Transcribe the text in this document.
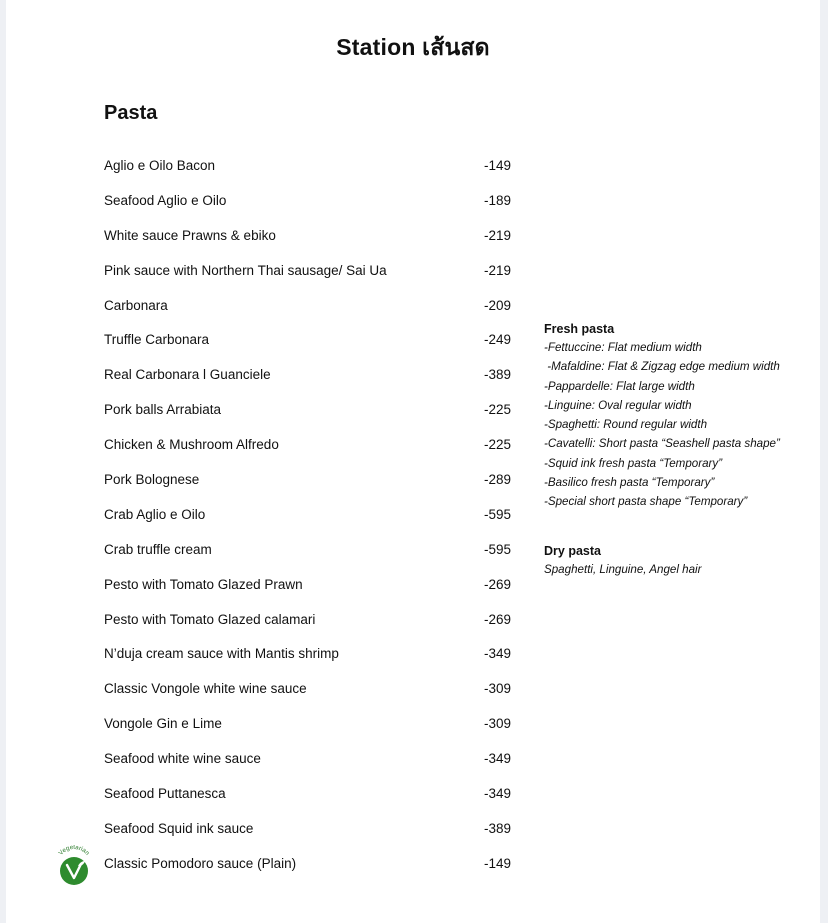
Station เส้นสด
Pasta
Aglio e Oilo Bacon	-149
Seafood Aglio e Oilo	-189
White sauce Prawns & ebiko	-219
Pink sauce with Northern Thai sausage/ Sai Ua	-219
Carbonara	-209
Truffle Carbonara	-249
Real Carbonara l Guanciele	-389
Pork balls Arrabiata	-225
Chicken & Mushroom Alfredo	-225
Pork Bolognese	-289
Crab Aglio e Oilo	-595
Crab truffle cream	-595
Pesto with Tomato Glazed Prawn	-269
Pesto with Tomato Glazed calamari	-269
N’duja cream sauce with Mantis shrimp	-349
Classic Vongole white wine sauce	-309
Vongole Gin e Lime	-309
Seafood white wine sauce	-349
Seafood Puttanesca	-349
Seafood Squid ink sauce	-389
Classic Pomodoro sauce (Plain)	-149
Fresh pasta
-Fettuccine: Flat medium width
-Mafaldine: Flat & Zigzag edge medium width
-Pappardelle: Flat large width
-Linguine: Oval regular width
-Spaghetti: Round regular width
-Cavatelli: Short pasta “Seashell pasta shape”
-Squid ink fresh pasta “Temporary”
-Basilico fresh pasta “Temporary”
-Special short pasta shape “Temporary”
Dry pasta
Spaghetti, Linguine, Angel hair
Vegetarian
